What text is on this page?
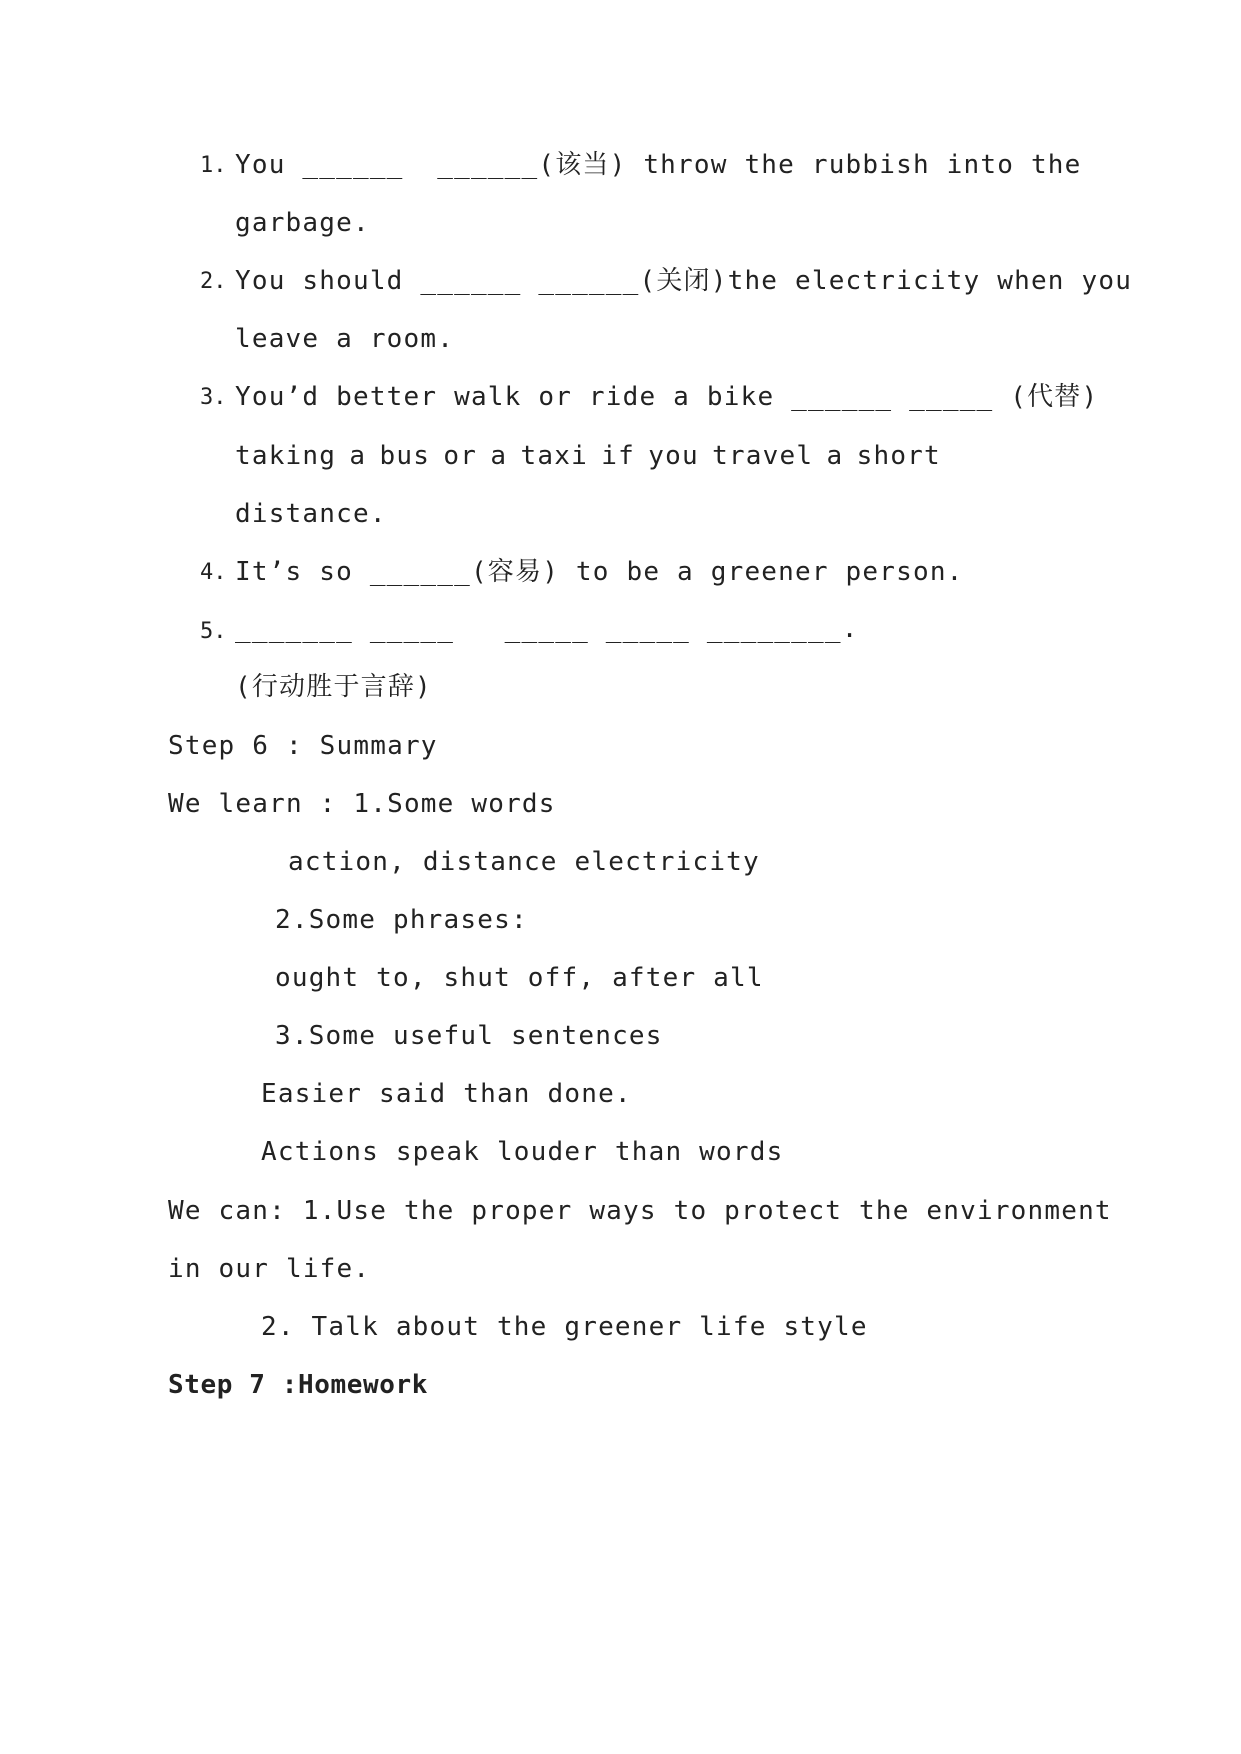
1. You ______  ______(该当) throw the rubbish into the
garbage.
2. You should ______ ______(关闭)the electricity when you
leave a room.
3. You’d better walk or ride a bike ______ _____ (代替)
taking a bus or a taxi if you travel a short
distance.
4. It’s so ______(容易) to be a greener person.
5. _______ _____   _____ _____ ________.
(行动胜于言辞)
Step 6 : Summary
We learn : 1.Some words
action, distance electricity
2.Some phrases:
ought to, shut off, after all
3.Some useful sentences
Easier said than done.
Actions speak louder than words
We can: 1.Use the proper ways to protect the environment
in our life.
2. Talk about the greener life style
Step 7 :Homework
